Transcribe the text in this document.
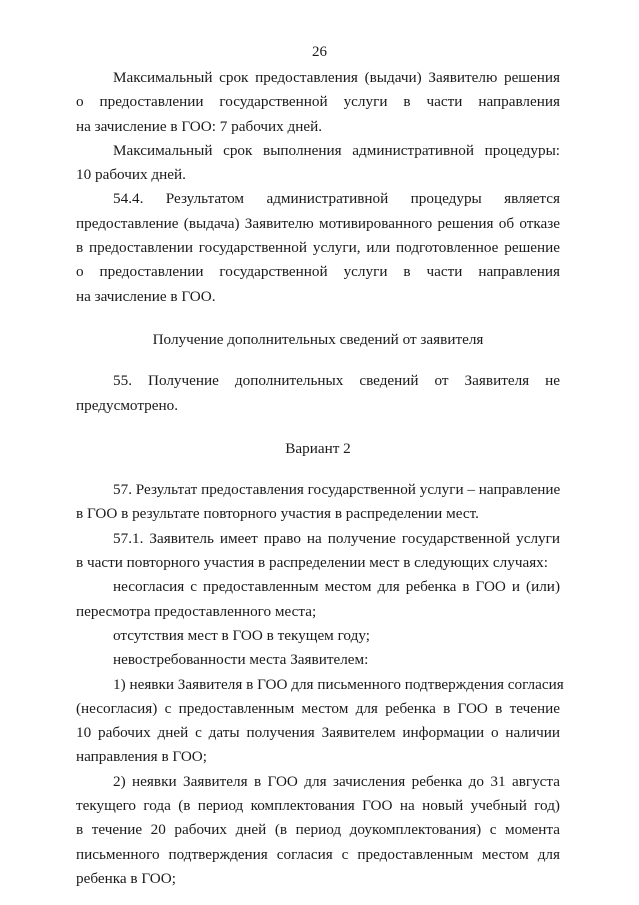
26
Максимальный срок предоставления (выдачи) Заявителю решения
о предоставлении государственной услуги в части направления
на зачисление в ГОО: 7 рабочих дней.
Максимальный срок выполнения административной процедуры:
10 рабочих дней.
54.4. Результатом административной процедуры является
предоставление (выдача) Заявителю мотивированного решения об отказе
в предоставлении государственной услуги, или подготовленное решение
о предоставлении государственной услуги в части направления
на зачисление в ГОО.

Получение дополнительных сведений от заявителя

55. Получение дополнительных сведений от Заявителя не
предусмотрено.

Вариант 2

57. Результат предоставления государственной услуги – направление
в ГОО в результате повторного участия в распределении мест.
57.1. Заявитель имеет право на получение государственной услуги
в части повторного участия в распределении мест в следующих случаях:
несогласия с предоставленным местом для ребенка в ГОО и (или)
пересмотра предоставленного места;
отсутствия мест в ГОО в текущем году;
невостребованности места Заявителем:
1) неявки Заявителя в ГОО для письменного подтверждения согласия
(несогласия) с предоставленным местом для ребенка в ГОО в течение
10 рабочих дней с даты получения Заявителем информации о наличии
направления в ГОО;
2) неявки Заявителя в ГОО для зачисления ребенка до 31 августа
текущего года (в период комплектования ГОО на новый учебный год)
в течение 20 рабочих дней (в период доукомплектования) с момента
письменного подтверждения согласия с предоставленным местом для
ребенка в ГОО;
